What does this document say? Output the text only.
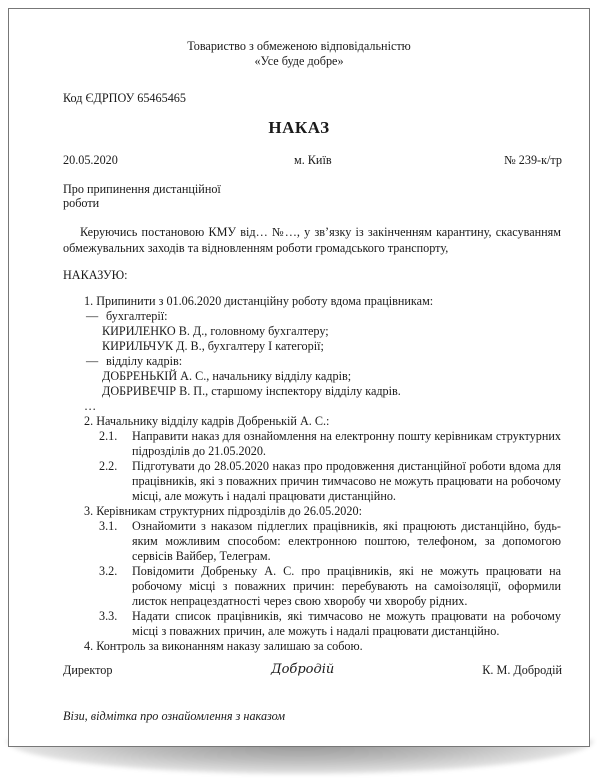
Товариство з обмеженою відповідальністю
«Усе буде добре»
Код ЄДРПОУ 65465465
НАКАЗ
20.05.2020	м. Київ	№ 239-к/тр
Про припинення дистанційної
роботи
Керуючись постановою КМУ від… №…, у зв’язку із закінченням карантину, скасуванням обмежувальних заходів та відновленням роботи громадського транспорту,
НАКАЗУЮ:
1.
Припинити з 01.06.2020 дистанційну роботу вдома працівникам:
— бухгалтерії:
КИРИЛЕНКО В. Д., головному бухгалтеру;
КИРИЛЬЧУК Д. В., бухгалтеру І категорії;
— відділу кадрів:
ДОБРЕНЬКІЙ А. С., начальнику відділу кадрів;
ДОБРИВЕЧІР В. П., старшому інспектору відділу кадрів.
…
2.
Начальнику відділу кадрів Добренькій А. С.:
2.1.	Направити наказ для ознайомлення на електронну пошту керівникам структурних підрозділів до 21.05.2020.
2.2.	Підготувати до 28.05.2020 наказ про продовження дистанційної роботи вдома для працівників, які з поважних причин тимчасово не можуть працювати на робочому місці, але можуть і надалі працювати дистанційно.
3.
Керівникам структурних підрозділів до 26.05.2020:
3.1.	Ознайомити з наказом підлеглих працівників, які працюють дистанційно, будь-яким можливим способом: електронною поштою, телефоном, за допомогою сервісів Вайбер, Телеграм.
3.2.	Повідомити Добреньку А. С. про працівників, які не можуть працювати на робочому місці з поважних причин: перебувають на самоізоляції, оформили листок непрацездатності через свою хворобу чи хворобу рідних.
3.3.	Надати список працівників, які тимчасово не можуть працювати на робочому місці з поважних причин, але можуть і надалі працювати дистанційно.
4.
Контроль за виконанням наказу залишаю за собою.
Директор	Добродій	К. М. Добродій
Візи, відмітка про ознайомлення з наказом
